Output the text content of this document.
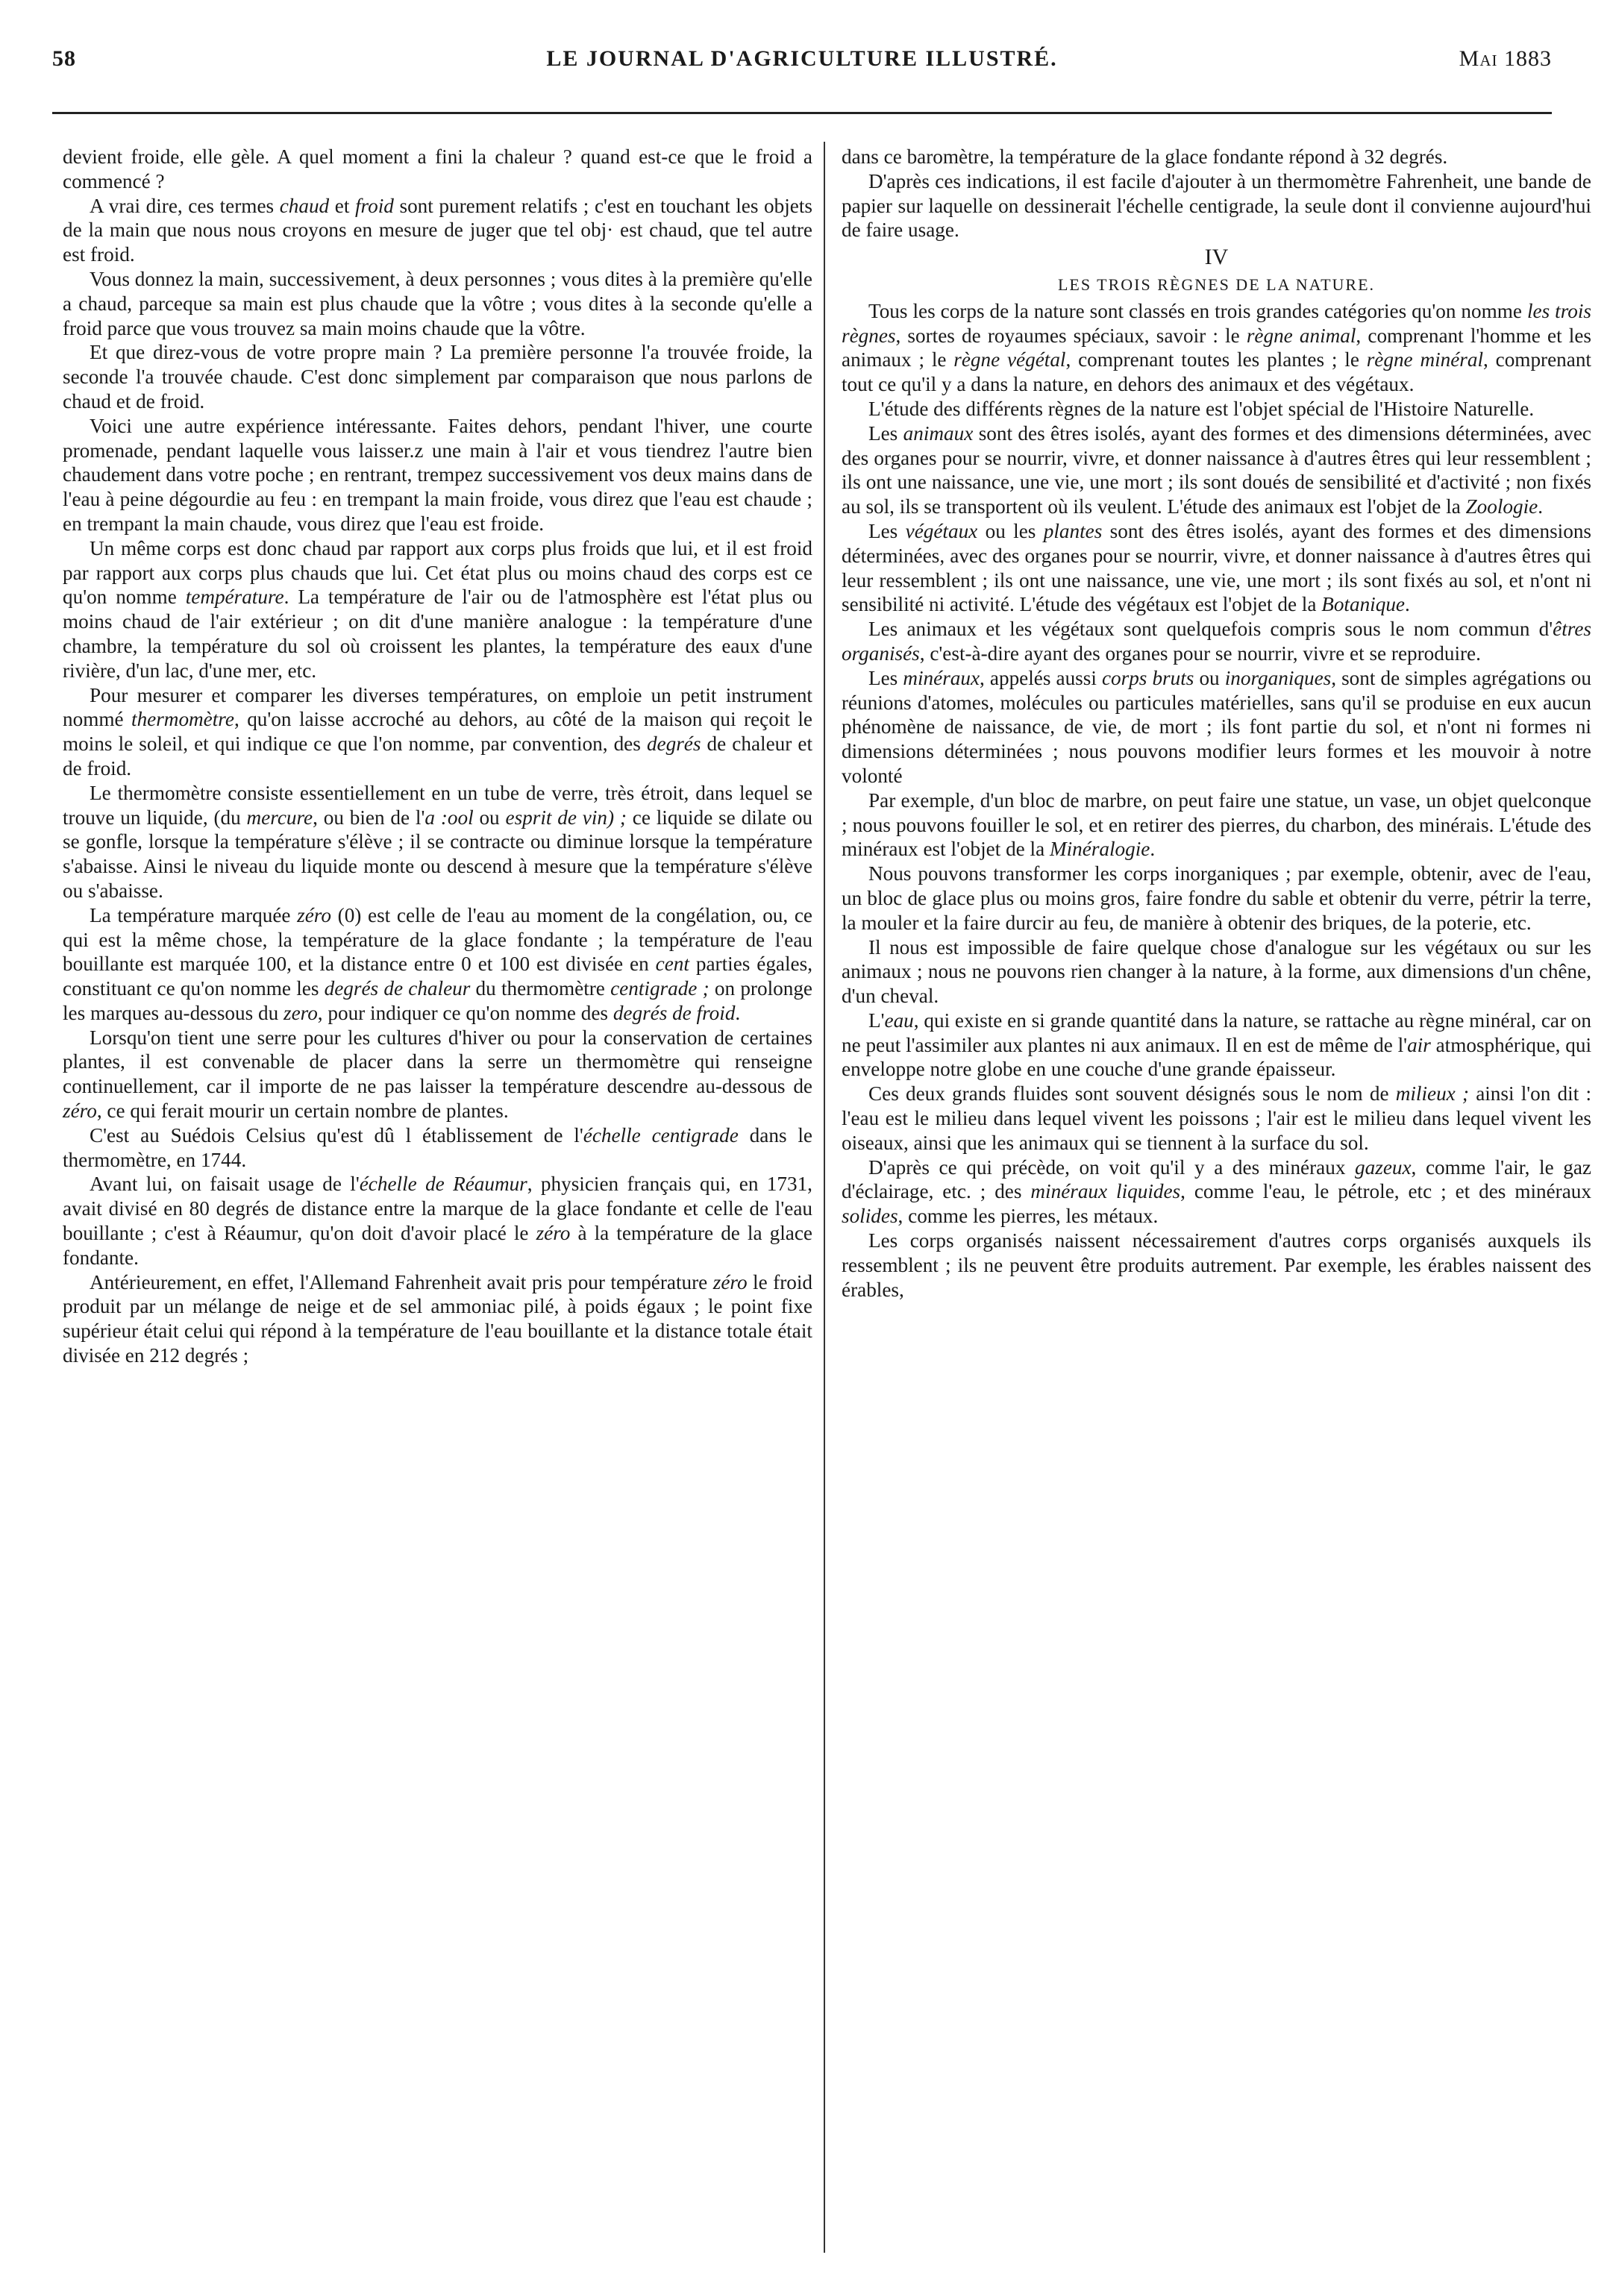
58	LE JOURNAL D'AGRICULTURE ILLUSTRÉ.	Mai 1883

devient froide, elle gèle. A quel moment a fini la chaleur ? quand est-ce que le froid a commencé ?

A vrai dire, ces termes chaud et froid sont purement relatifs ; c'est en touchant les objets de la main que nous nous croyons en mesure de juger que tel obj· est chaud, que tel autre est froid.

Vous donnez la main, successivement, à deux personnes ; vous dites à la première qu'elle a chaud, parceque sa main est plus chaude que la vôtre ; vous dites à la seconde qu'elle a froid parce que vous trouvez sa main moins chaude que la vôtre.

Et que direz-vous de votre propre main ? La première personne l'a trouvée froide, la seconde l'a trouvée chaude. C'est donc simplement par comparaison que nous parlons de chaud et de froid.

Voici une autre expérience intéressante. Faites dehors, pendant l'hiver, une courte promenade, pendant laquelle vous laisser.z une main à l'air et vous tiendrez l'autre bien chaudement dans votre poche ; en rentrant, trempez successivement vos deux mains dans de l'eau à peine dégourdie au feu : en trempant la main froide, vous direz que l'eau est chaude ; en trempant la main chaude, vous direz que l'eau est froide.

Un même corps est donc chaud par rapport aux corps plus froids que lui, et il est froid par rapport aux corps plus chauds que lui. Cet état plus ou moins chaud des corps est ce qu'on nomme température. La température de l'air ou de l'atmosphère est l'état plus ou moins chaud de l'air extérieur ; on dit d'une manière analogue : la température d'une chambre, la température du sol où croissent les plantes, la température des eaux d'une rivière, d'un lac, d'une mer, etc.

Pour mesurer et comparer les diverses températures, on emploie un petit instrument nommé thermomètre, qu'on laisse accroché au dehors, au côté de la maison qui reçoit le moins le soleil, et qui indique ce que l'on nomme, par convention, des degrés de chaleur et de froid.

Le thermomètre consiste essentiellement en un tube de verre, très étroit, dans lequel se trouve un liquide, (du mercure, ou bien de l'a :ool ou esprit de vin) ; ce liquide se dilate ou se gonfle, lorsque la température s'élève ; il se contracte ou diminue lorsque la température s'abaisse. Ainsi le niveau du liquide monte ou descend à mesure que la température s'élève ou s'abaisse.

La température marquée zéro (0) est celle de l'eau au moment de la congélation, ou, ce qui est la même chose, la température de la glace fondante ; la température de l'eau bouillante est marquée 100, et la distance entre 0 et 100 est divisée en cent parties égales, constituant ce qu'on nomme les degrés de chaleur du thermomètre centigrade ; on prolonge les marques au-dessous du zero, pour indiquer ce qu'on nomme des degrés de froid.

Lorsqu'on tient une serre pour les cultures d'hiver ou pour la conservation de certaines plantes, il est convenable de placer dans la serre un thermomètre qui renseigne continuellement, car il importe de ne pas laisser la température descendre au-dessous de zéro, ce qui ferait mourir un certain nombre de plantes.

C'est au Suédois Celsius qu'est dû l établissement de l'échelle centigrade dans le thermomètre, en 1744.

Avant lui, on faisait usage de l'échelle de Réaumur, physicien français qui, en 1731, avait divisé en 80 degrés de distance entre la marque de la glace fondante et celle de l'eau bouillante ; c'est à Réaumur, qu'on doit d'avoir placé le zéro à la température de la glace fondante.

Antérieurement, en effet, l'Allemand Fahrenheit avait pris pour température zéro le froid produit par un mélange de neige et de sel ammoniac pilé, à poids égaux ; le point fixe supérieur était celui qui répond à la température de l'eau bouillante et la distance totale était divisée en 212 degrés ;

dans ce baromètre, la température de la glace fondante répond à 32 degrés.

D'après ces indications, il est facile d'ajouter à un thermomètre Fahrenheit, une bande de papier sur laquelle on dessinerait l'échelle centigrade, la seule dont il convienne aujourd'hui de faire usage.

IV

LES TROIS RÈGNES DE LA NATURE.

Tous les corps de la nature sont classés en trois grandes catégories qu'on nomme les trois règnes, sortes de royaumes spéciaux, savoir : le règne animal, comprenant l'homme et les animaux ; le règne végétal, comprenant toutes les plantes ; le règne minéral, comprenant tout ce qu'il y a dans la nature, en dehors des animaux et des végétaux.

L'étude des différents règnes de la nature est l'objet spécial de l'Histoire Naturelle.

Les animaux sont des êtres isolés, ayant des formes et des dimensions déterminées, avec des organes pour se nourrir, vivre, et donner naissance à d'autres êtres qui leur ressemblent ; ils ont une naissance, une vie, une mort ; ils sont doués de sensibilité et d'activité ; non fixés au sol, ils se transportent où ils veulent. L'étude des animaux est l'objet de la Zoologie.

Les végétaux ou les plantes sont des êtres isolés, ayant des formes et des dimensions déterminées, avec des organes pour se nourrir, vivre, et donner naissance à d'autres êtres qui leur ressemblent ; ils ont une naissance, une vie, une mort ; ils sont fixés au sol, et n'ont ni sensibilité ni activité. L'étude des végétaux est l'objet de la Botanique.

Les animaux et les végétaux sont quelquefois compris sous le nom commun d'êtres organisés, c'est-à-dire ayant des organes pour se nourrir, vivre et se reproduire.

Les minéraux, appelés aussi corps bruts ou inorganiques, sont de simples agrégations ou réunions d'atomes, molécules ou particules matérielles, sans qu'il se produise en eux aucun phénomène de naissance, de vie, de mort ; ils font partie du sol, et n'ont ni formes ni dimensions déterminées ; nous pouvons modifier leurs formes et les mouvoir à notre volonté

Par exemple, d'un bloc de marbre, on peut faire une statue, un vase, un objet quelconque ; nous pouvons fouiller le sol, et en retirer des pierres, du charbon, des minérais. L'étude des minéraux est l'objet de la Minéralogie.

Nous pouvons transformer les corps inorganiques ; par exemple, obtenir, avec de l'eau, un bloc de glace plus ou moins gros, faire fondre du sable et obtenir du verre, pétrir la terre, la mouler et la faire durcir au feu, de manière à obtenir des briques, de la poterie, etc.

Il nous est impossible de faire quelque chose d'analogue sur les végétaux ou sur les animaux ; nous ne pouvons rien changer à la nature, à la forme, aux dimensions d'un chêne, d'un cheval.

L'eau, qui existe en si grande quantité dans la nature, se rattache au règne minéral, car on ne peut l'assimiler aux plantes ni aux animaux. Il en est de même de l'air atmosphérique, qui enveloppe notre globe en une couche d'une grande épaisseur.

Ces deux grands fluides sont souvent désignés sous le nom de milieux ; ainsi l'on dit : l'eau est le milieu dans lequel vivent les poissons ; l'air est le milieu dans lequel vivent les oiseaux, ainsi que les animaux qui se tiennent à la surface du sol.

D'après ce qui précède, on voit qu'il y a des minéraux gazeux, comme l'air, le gaz d'éclairage, etc. ; des minéraux liquides, comme l'eau, le pétrole, etc ; et des minéraux solides, comme les pierres, les métaux.

Les corps organisés naissent nécessairement d'autres corps organisés auxquels ils ressemblent ; ils ne peuvent être produits autrement. Par exemple, les érables naissent des érables,
